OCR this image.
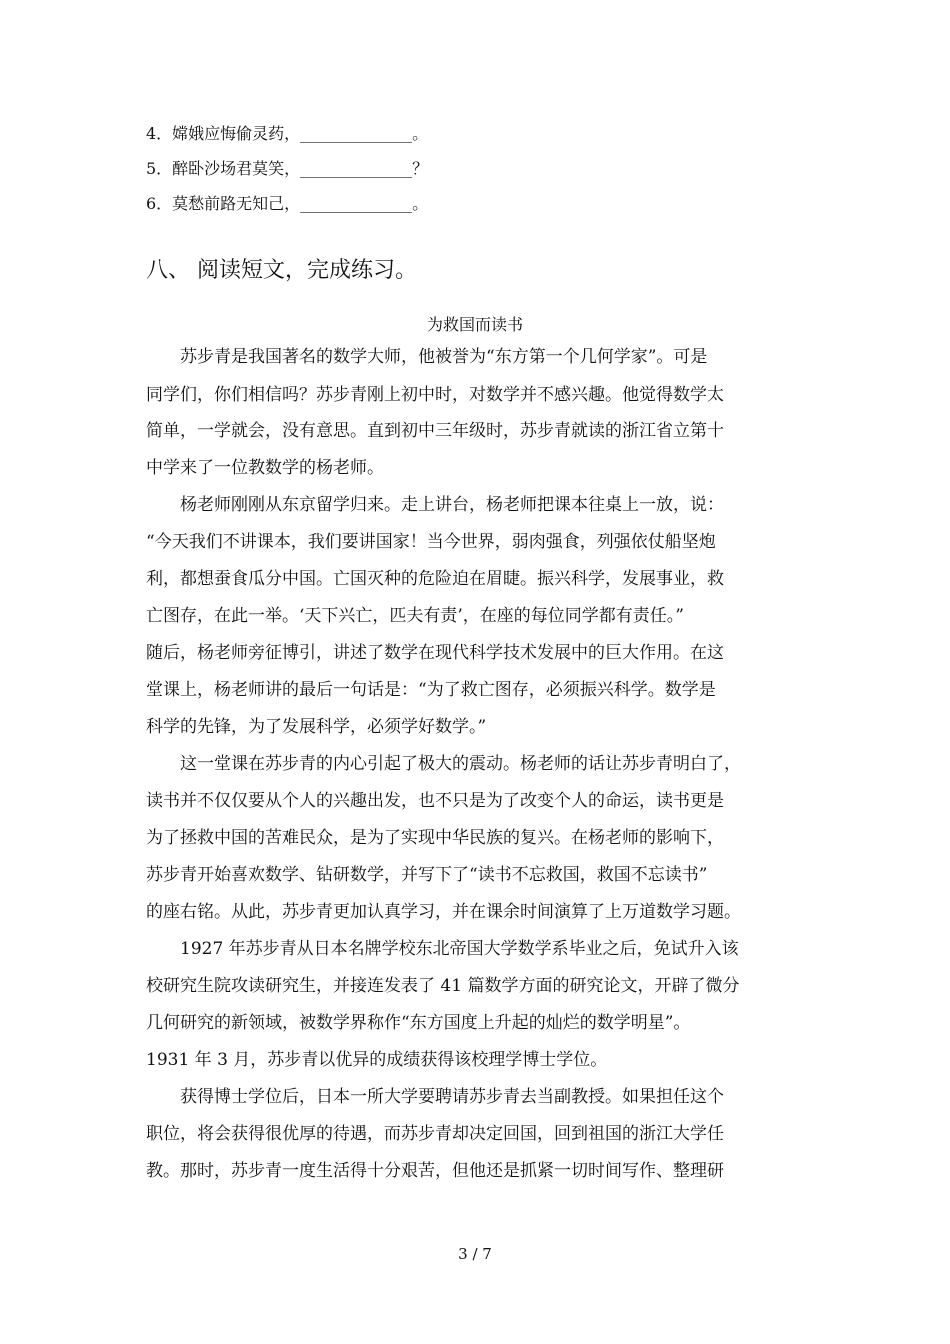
4．嫦娥应悔偷灵药，______________。
5．醉卧沙场君莫笑，______________？
6．莫愁前路无知己，______________。
八、 阅读短文，完成练习。
为救国而读书
　　苏步青是我国著名的数学大师，他被誉为“东方第一个几何学家”。可是
同学们，你们相信吗？苏步青刚上初中时，对数学并不感兴趣。他觉得数学太
简单，一学就会，没有意思。直到初中三年级时，苏步青就读的浙江省立第十
中学来了一位教数学的杨老师。
　　杨老师刚刚从东京留学归来。走上讲台，杨老师把课本往桌上一放，说：
“今天我们不讲课本，我们要讲国家！当今世界，弱肉强食，列强依仗船坚炮
利，都想蚕食瓜分中国。亡国灭种的危险迫在眉睫。振兴科学，发展事业，救
亡图存，在此一举。‘天下兴亡，匹夫有责’，在座的每位同学都有责任。”
随后，杨老师旁征博引，讲述了数学在现代科学技术发展中的巨大作用。在这
堂课上，杨老师讲的最后一句话是：“为了救亡图存，必须振兴科学。数学是
科学的先锋，为了发展科学，必须学好数学。”
　　这一堂课在苏步青的内心引起了极大的震动。杨老师的话让苏步青明白了，
读书并不仅仅要从个人的兴趣出发，也不只是为了改变个人的命运，读书更是
为了拯救中国的苦难民众，是为了实现中华民族的复兴。在杨老师的影响下，
苏步青开始喜欢数学、钻研数学，并写下了“读书不忘救国，救国不忘读书”
的座右铭。从此，苏步青更加认真学习，并在课余时间演算了上万道数学习题。
　　1927 年苏步青从日本名牌学校东北帝国大学数学系毕业之后，免试升入该
校研究生院攻读研究生，并接连发表了 41 篇数学方面的研究论文，开辟了微分
几何研究的新领域，被数学界称作“东方国度上升起的灿烂的数学明星”。
1931 年 3 月，苏步青以优异的成绩获得该校理学博士学位。
　　获得博士学位后，日本一所大学要聘请苏步青去当副教授。如果担任这个
职位，将会获得很优厚的待遇，而苏步青却决定回国，回到祖国的浙江大学任
教。那时，苏步青一度生活得十分艰苦，但他还是抓紧一切时间写作、整理研
3 / 7
